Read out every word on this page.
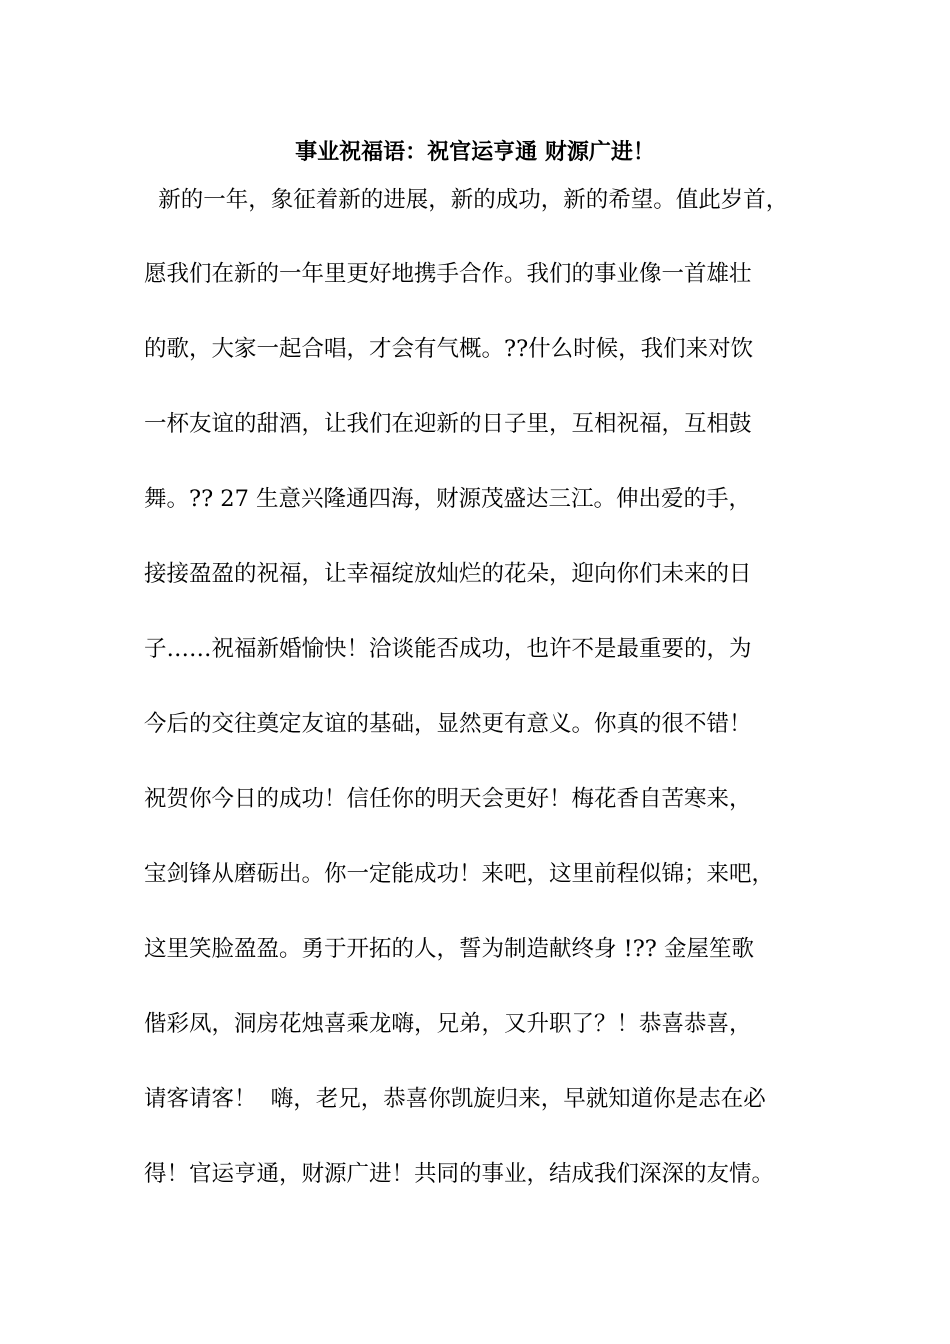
事业祝福语：祝官运亨通 财源广进！
新的一年，象征着新的进展，新的成功，新的希望。值此岁首，
愿我们在新的一年里更好地携手合作。我们的事业像一首雄壮
的歌，大家一起合唱，才会有气概。??什么时候，我们来对饮
一杯友谊的甜酒，让我们在迎新的日子里，互相祝福，互相鼓
舞。?? 27 生意兴隆通四海，财源茂盛达三江。伸出爱的手，
接接盈盈的祝福，让幸福绽放灿烂的花朵，迎向你们未来的日
子……祝福新婚愉快！洽谈能否成功，也许不是最重要的，为
今后的交往奠定友谊的基础，显然更有意义。你真的很不错！
祝贺你今日的成功！信任你的明天会更好！梅花香自苦寒来，
宝剑锋从磨砺出。你一定能成功！来吧，这里前程似锦；来吧，
这里笑脸盈盈。勇于开拓的人，誓为制造献终身 !?? 金屋笙歌
偕彩凤，洞房花烛喜乘龙嗨，兄弟，又升职了？！恭喜恭喜，
请客请客！  嗨，老兄，恭喜你凯旋归来，早就知道你是志在必
得！官运亨通，财源广进！共同的事业，结成我们深深的友情。
